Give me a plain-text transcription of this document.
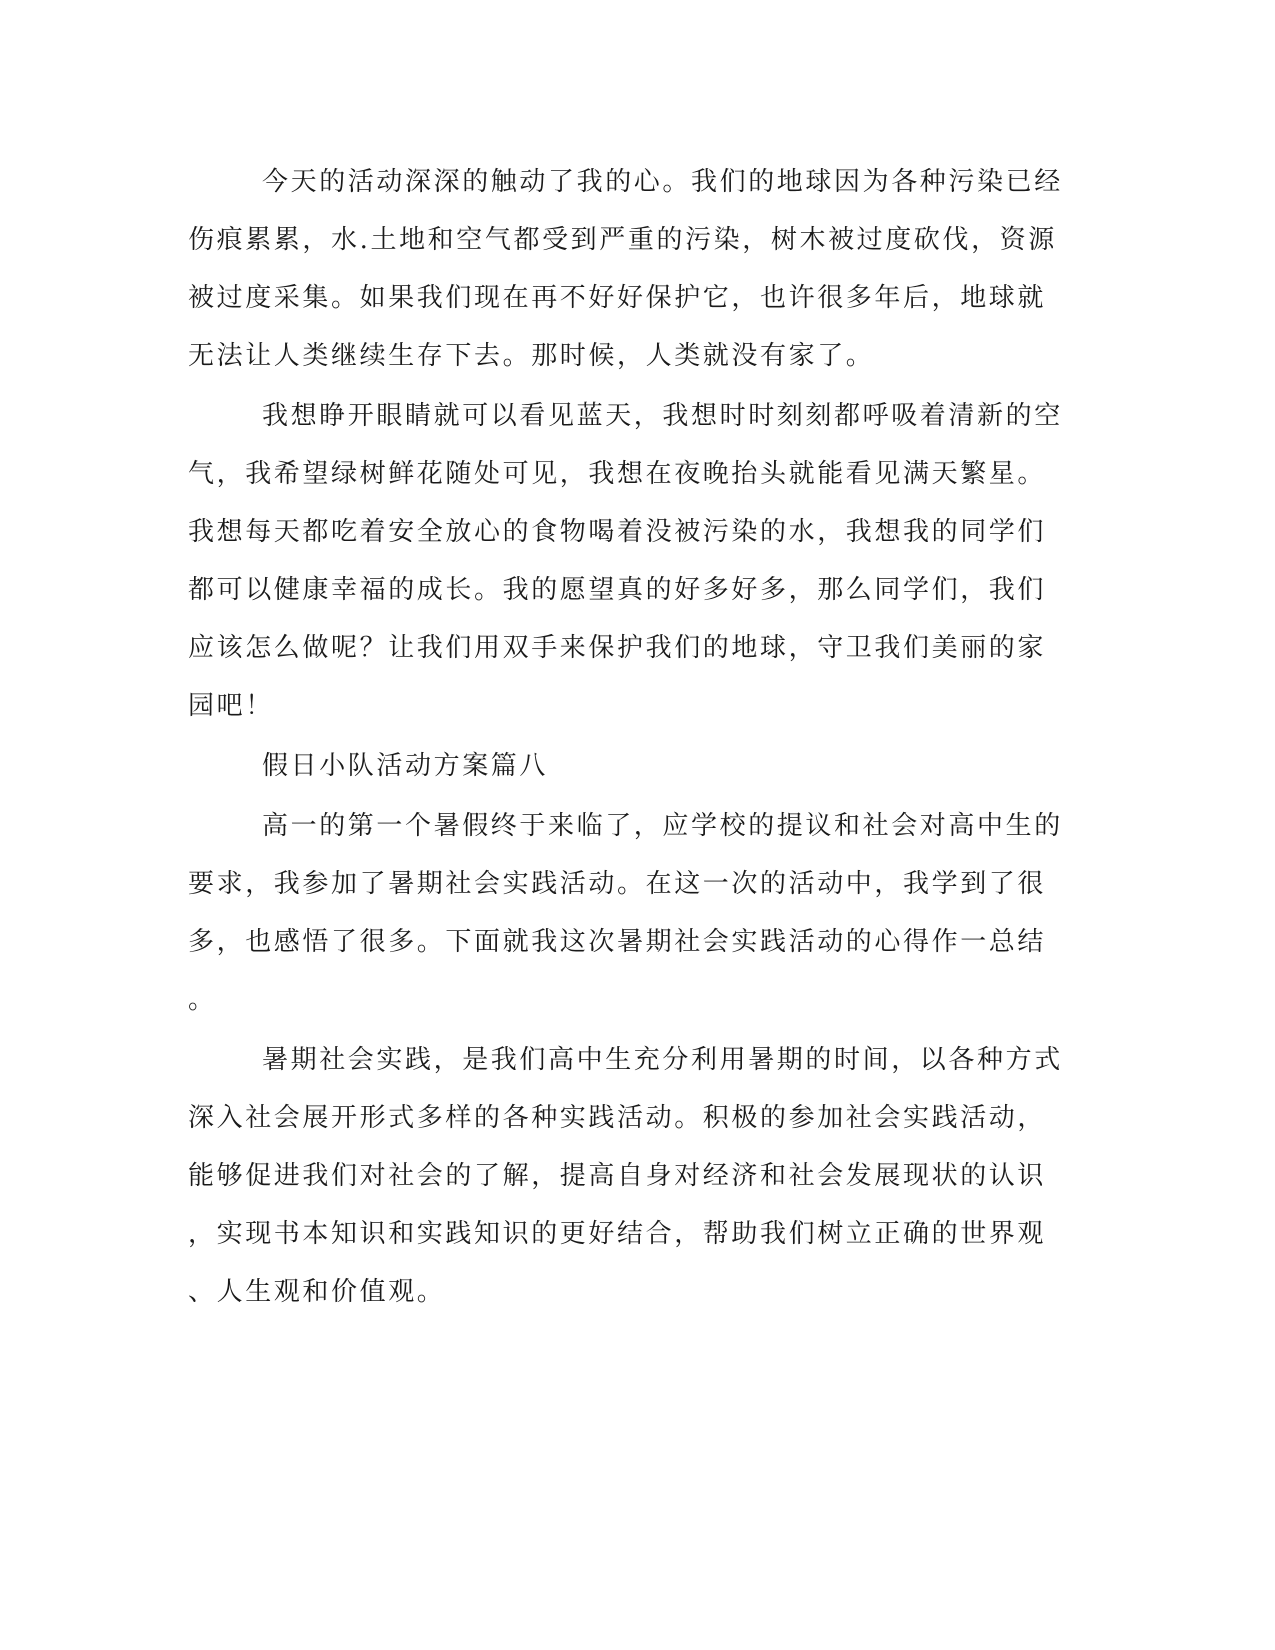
今天的活动深深的触动了我的心。我们的地球因为各种污染已经
伤痕累累，水.土地和空气都受到严重的污染，树木被过度砍伐，资源
被过度采集。如果我们现在再不好好保护它，也许很多年后，地球就
无法让人类继续生存下去。那时候，人类就没有家了。
我想睁开眼睛就可以看见蓝天，我想时时刻刻都呼吸着清新的空
气，我希望绿树鲜花随处可见，我想在夜晚抬头就能看见满天繁星。
我想每天都吃着安全放心的食物喝着没被污染的水，我想我的同学们
都可以健康幸福的成长。我的愿望真的好多好多，那么同学们，我们
应该怎么做呢？让我们用双手来保护我们的地球，守卫我们美丽的家
园吧！
假日小队活动方案篇八
高一的第一个暑假终于来临了，应学校的提议和社会对高中生的
要求，我参加了暑期社会实践活动。在这一次的活动中，我学到了很
多，也感悟了很多。下面就我这次暑期社会实践活动的心得作一总结
。
暑期社会实践，是我们高中生充分利用暑期的时间，以各种方式
深入社会展开形式多样的各种实践活动。积极的参加社会实践活动，
能够促进我们对社会的了解，提高自身对经济和社会发展现状的认识
，实现书本知识和实践知识的更好结合，帮助我们树立正确的世界观
、人生观和价值观。
